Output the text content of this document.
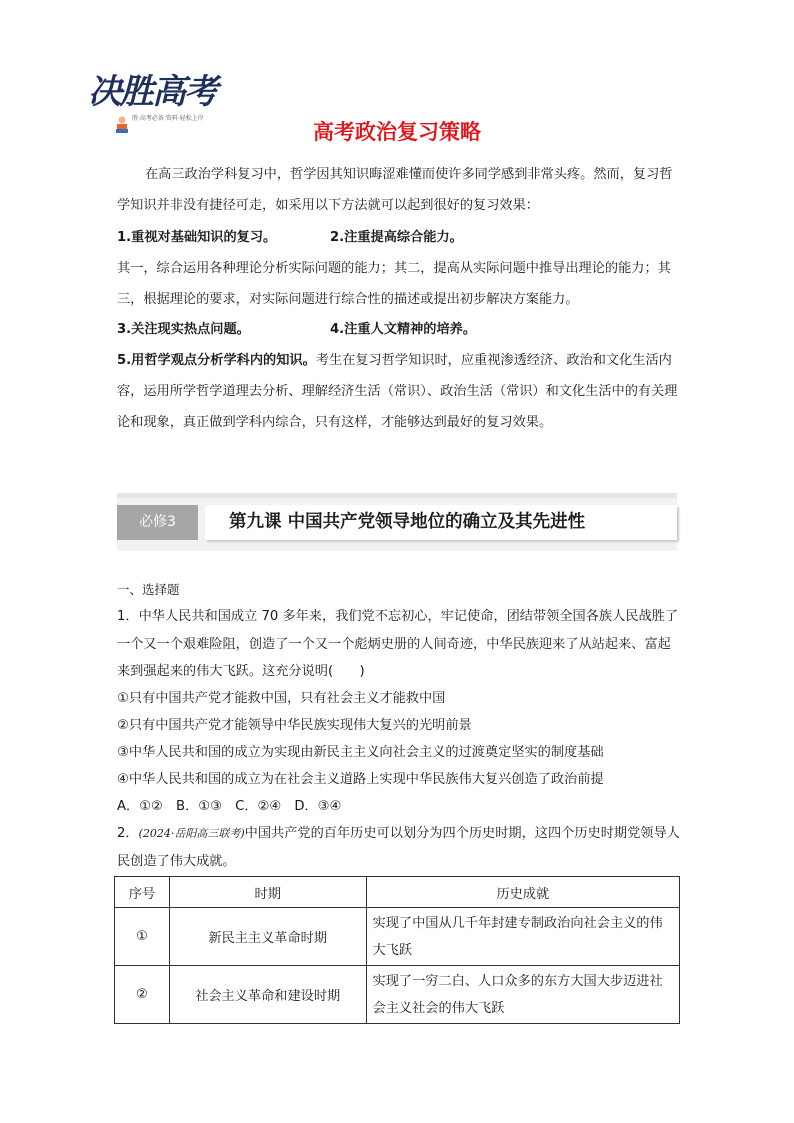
决胜高考
胜·高考必备 资料·轻松上岸
高考政治复习策略

在高三政治学科复习中，哲学因其知识晦涩难懂而使许多同学感到非常头疼。然而，复习哲学知识并非没有捷径可走，如采用以下方法就可以起到很好的复习效果：

1.重视对基础知识的复习。	2.注重提高综合能力。

其一，综合运用各种理论分析实际问题的能力；其二，提高从实际问题中推导出理论的能力；其三，根据理论的要求，对实际问题进行综合性的描述或提出初步解决方案能力。

3.关注现实热点问题。	4.注重人文精神的培养。

5.用哲学观点分析学科内的知识。考生在复习哲学知识时，应重视渗透经济、政治和文化生活内容，运用所学哲学道理去分析、理解经济生活（常识）、政治生活（常识）和文化生活中的有关理论和现象，真正做到学科内综合，只有这样，才能够达到最好的复习效果。

必修3	第九课 中国共产党领导地位的确立及其先进性
一、选择题

1．中华人民共和国成立 70 多年来，我们党不忘初心，牢记使命，团结带领全国各族人民战胜了一个又一个艰难险阻，创造了一个又一个彪炳史册的人间奇迹，中华民族迎来了从站起来、富起来到强起来的伟大飞跃。这充分说明(　　)

①只有中国共产党才能救中国，只有社会主义才能救中国
②只有中国共产党才能领导中华民族实现伟大复兴的光明前景
③中华人民共和国的成立为实现由新民主主义向社会主义的过渡奠定坚实的制度基础
④中华人民共和国的成立为在社会主义道路上实现中华民族伟大复兴创造了政治前提
A．①②　B．①③　C．②④　D．③④

2．(2024·岳阳高三联考)中国共产党的百年历史可以划分为四个历史时期，这四个历史时期党领导人民创造了伟大成就。

序号	时期	历史成就
①	新民主主义革命时期	实现了中国从几千年封建专制政治向社会主义的伟大飞跃
②	社会主义革命和建设时期	实现了一穷二白、人口众多的东方大国大步迈进社会主义社会的伟大飞跃
